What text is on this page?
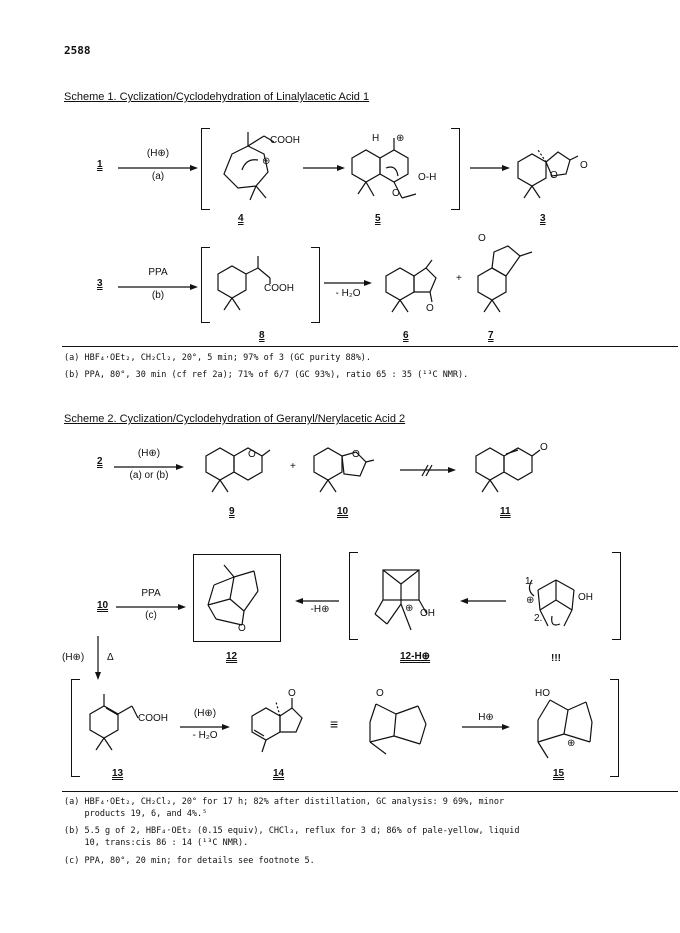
2588
Scheme 1. Cyclization/Cyclodehydration of Linalylacetic Acid 1
1
(H⊕)
(a)
COOH
⊕
H ⊕
O
O-H	O
O
4	5	3
3
PPA
(b)
COOH	- H₂O
O
+
O
8	6	7
(a) HBF₄·OEt₂, CH₂Cl₂, 20°, 5 min; 97% of 3 (GC purity 88%).
(b) PPA, 80°, 30 min (cf ref 2a); 71% of 6/7 (GC 93%), ratio 65 : 35 (¹³C NMR).
Scheme 2. Cyclization/Cyclodehydration of Geranyl/Nerylacetic Acid 2
2
(H⊕)
(a) or (b)
O
+
O
O
9	10	11
10
PPA
(c)
O
-H⊕	⊕ OH
1.
2.
⊕	OH
12	12-H⊕	!!!
(H⊕) Δ
COOH	(H⊕)
- H₂O
O
≡
O
H⊕
HO
⊕
13	14	15
(a) HBF₄·OEt₂, CH₂Cl₂, 20° for 17 h; 82% after distillation, GC analysis: 9 69%, minor
products 19, 6, and 4%.⁵
(b) 5.5 g of 2, HBF₄·OEt₂ (0.15 equiv), CHCl₃, reflux for 3 d; 86% of pale-yellow, liquid
10, trans:cis 86 : 14 (¹³C NMR).
(c) PPA, 80°, 20 min; for details see footnote 5.
